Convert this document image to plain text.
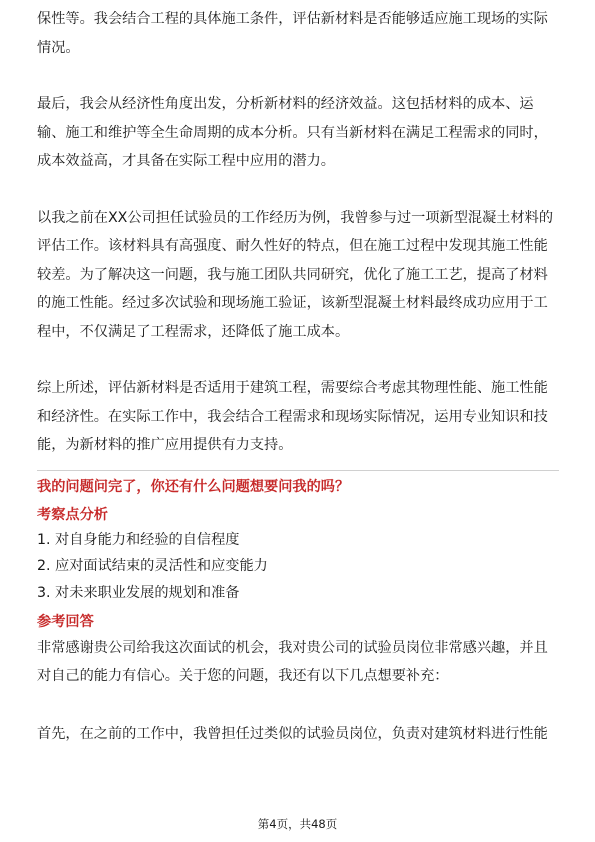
保性等。我会结合工程的具体施工条件，评估新材料是否能够适应施工现场的实际
情况。

最后，我会从经济性角度出发，分析新材料的经济效益。这包括材料的成本、运
输、施工和维护等全生命周期的成本分析。只有当新材料在满足工程需求的同时，
成本效益高，才具备在实际工程中应用的潜力。

以我之前在XX公司担任试验员的工作经历为例，我曾参与过一项新型混凝土材料的
评估工作。该材料具有高强度、耐久性好的特点，但在施工过程中发现其施工性能
较差。为了解决这一问题，我与施工团队共同研究，优化了施工工艺，提高了材料
的施工性能。经过多次试验和现场施工验证，该新型混凝土材料最终成功应用于工
程中，不仅满足了工程需求，还降低了施工成本。

综上所述，评估新材料是否适用于建筑工程，需要综合考虑其物理性能、施工性能
和经济性。在实际工作中，我会结合工程需求和现场实际情况，运用专业知识和技
能，为新材料的推广应用提供有力支持。

我的问题问完了，你还有什么问题想要问我的吗？

考察点分析

1. 对自身能力和经验的自信程度

2. 应对面试结束的灵活性和应变能力

3. 对未来职业发展的规划和准备

参考回答

非常感谢贵公司给我这次面试的机会，我对贵公司的试验员岗位非常感兴趣，并且
对自己的能力有信心。关于您的问题，我还有以下几点想要补充：

首先，在之前的工作中，我曾担任过类似的试验员岗位，负责对建筑材料进行性能

第4页，共48页
